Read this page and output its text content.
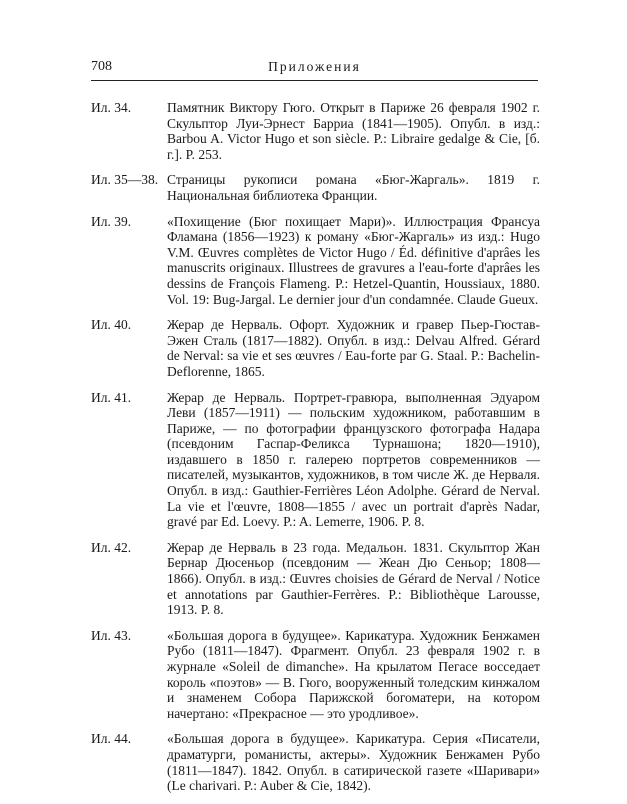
708	Приложения
Ил. 34.	Памятник Виктору Гюго. Открыт в Париже 26 февраля 1902 г. Скульптор Луи-Эрнест Барриа (1841—1905). Опубл. в изд.: Barbou A. Victor Hugo et son siècle. P.: Libraire gedalge & Cie, [б. г.]. P. 253.
Ил. 35—38. Страницы рукописи романа «Бюг-Жаргаль». 1819 г. Национальная библиотека Франции.
Ил. 39.	«Похищение (Бюг похищает Мари)». Иллюстрация Франсуа Фламана (1856—1923) к роману «Бюг-Жаргаль» из изд.: Hugo V.M. Œuvres complètes de Victor Hugo / Éd. définitive d'aprâes les manuscrits originaux. Illustrees de gravures a l'eau-forte d'aprâes les dessins de François Flameng. P.: Hetzel-Quantin, Houssiaux, 1880. Vol. 19: Bug-Jargal. Le dernier jour d'un condamnée. Claude Gueux.
Ил. 40.	Жерар де Нерваль. Офорт. Художник и гравер Пьер-Гюстав-Эжен Сталь (1817—1882). Опубл. в изд.: Delvau Alfred. Gérard de Nerval: sa vie et ses œuvres / Eau-forte par G. Staal. P.: Bachelin-Deflorenne, 1865.
Ил. 41.	Жерар де Нерваль. Портрет-гравюра, выполненная Эдуаром Леви (1857—1911) — польским художником, работавшим в Париже, — по фотографии французского фотографа Надара (псевдоним Гаспар-Феликса Турнашона; 1820—1910), издавшего в 1850 г. галерею портретов современников — писателей, музыкантов, художников, в том числе Ж. де Нерваля. Опубл. в изд.: Gauthier-Ferrières Léon Adolphe. Gérard de Nerval. La vie et l'œuvre, 1808—1855 / avec un portrait d'après Nadar, gravé par Ed. Loevy. P.: A. Lemerre, 1906. P. 8.
Ил. 42.	Жерар де Нерваль в 23 года. Медальон. 1831. Скульптор Жан Бернар Дюсеньор (псевдоним — Жеан Дю Сеньор; 1808—1866). Опубл. в изд.: Œuvres choisies de Gérard de Nerval / Notice et annotations par Gauthier-Ferrères. P.: Bibliothèque Larousse, 1913. P. 8.
Ил. 43.	«Большая дорога в будущее». Карикатура. Художник Бенжамен Рубо (1811—1847). Фрагмент. Опубл. 23 февраля 1902 г. в журнале «Soleil de dimanche». На крылатом Пегасе восседает король «поэтов» — В. Гюго, вооруженный толедским кинжалом и знаменем Собора Парижской богоматери, на котором начертано: «Прекрасное — это уродливое».
Ил. 44.	«Большая дорога в будущее». Карикатура. Серия «Писатели, драматурги, романисты, актеры». Художник Бенжамен Рубо (1811—1847). 1842. Опубл. в сатирической газете «Шаривари» (Le charivari. P.: Auber & Cie, 1842).
